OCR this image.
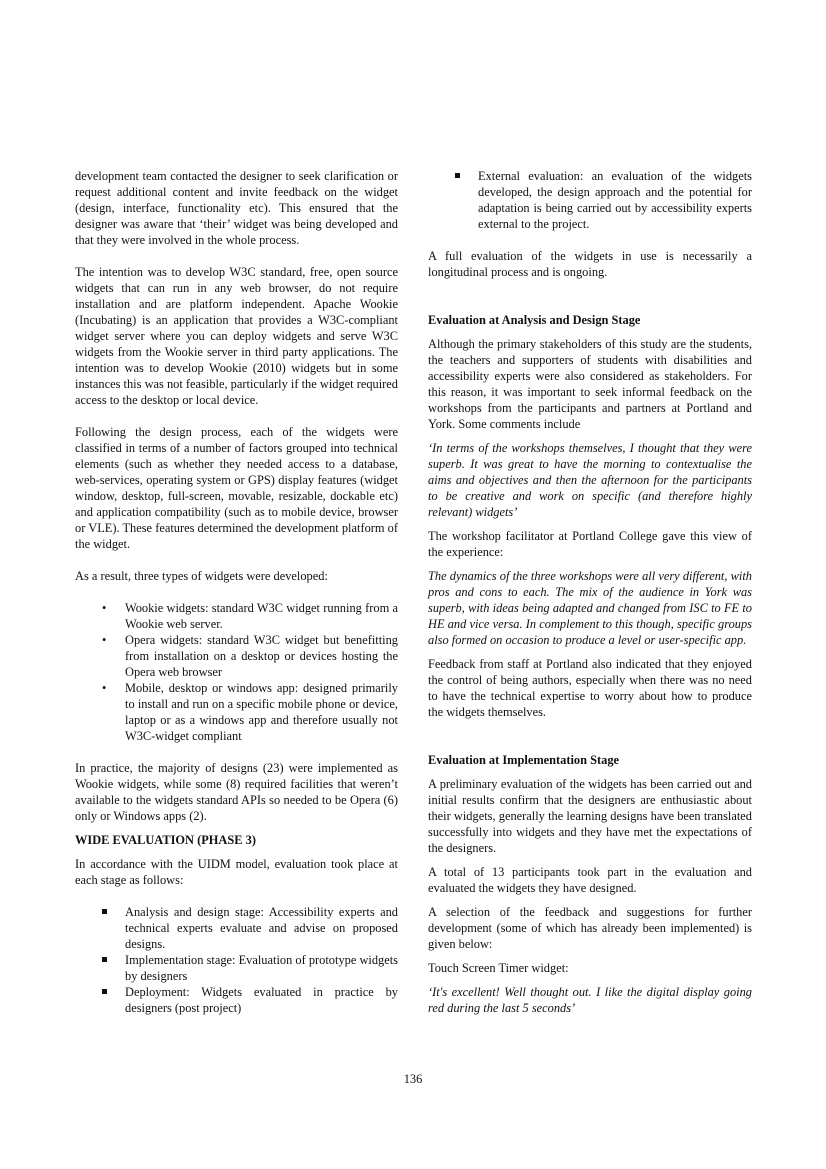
development team contacted the designer to seek clarification or request additional content and invite feedback on the widget (design, interface, functionality etc). This ensured that the designer was aware that ‘their’ widget was being developed and that they were involved in the whole process.

The intention was to develop W3C standard, free, open source widgets that can run in any web browser, do not require installation and are platform independent. Apache Wookie (Incubating) is an application that provides a W3C-compliant widget server where you can deploy widgets and serve W3C widgets from the Wookie server in third party applications. The intention was to develop Wookie (2010) widgets but in some instances this was not feasible, particularly if the widget required access to the desktop or local device.

Following the design process, each of the widgets were classified in terms of a number of factors grouped into technical elements (such as whether they needed access to a database, web-services, operating system or GPS) display features (widget window, desktop, full-screen, movable, resizable, dockable etc) and application compatibility (such as to mobile device, browser or VLE). These features determined the development platform of the widget.

As a result, three types of widgets were developed:

• Wookie widgets: standard W3C widget running from a Wookie web server.
• Opera widgets: standard W3C widget but benefitting from installation on a desktop or devices hosting the Opera web browser
• Mobile, desktop or windows app: designed primarily to install and run on a specific mobile phone or device, laptop or as a windows app and therefore usually not W3C-widget compliant

In practice, the majority of designs (23) were implemented as Wookie widgets, while some (8) required facilities that weren’t available to the widgets standard APIs so needed to be Opera (6) only or Windows apps (2).

WIDE EVALUATION (PHASE 3)

In accordance with the UIDM model, evaluation took place at each stage as follows:

Analysis and design stage: Accessibility experts and technical experts evaluate and advise on proposed designs.
Implementation stage: Evaluation of prototype widgets by designers
Deployment: Widgets evaluated in practice by designers (post project)
External evaluation: an evaluation of the widgets developed, the design approach and the potential for adaptation is being carried out by accessibility experts external to the project.

A full evaluation of the widgets in use is necessarily a longitudinal process and is ongoing.

Evaluation at Analysis and Design Stage

Although the primary stakeholders of this study are the students, the teachers and supporters of students with disabilities and accessibility experts were also considered as stakeholders. For this reason, it was important to seek informal feedback on the workshops from the participants and partners at Portland and York. Some comments include

‘In terms of the workshops themselves, I thought that they were superb. It was great to have the morning to contextualise the aims and objectives and then the afternoon for the participants to be creative and work on specific (and therefore highly relevant) widgets’

The workshop facilitator at Portland College gave this view of the experience:

The dynamics of the three workshops were all very different, with pros and cons to each. The mix of the audience in York was superb, with ideas being adapted and changed from ISC to FE to HE and vice versa. In complement to this though, specific groups also formed on occasion to produce a level or user-specific app.

Feedback from staff at Portland also indicated that they enjoyed the control of being authors, especially when there was no need to have the technical expertise to worry about how to produce the widgets themselves.

Evaluation at Implementation Stage

A preliminary evaluation of the widgets has been carried out and initial results confirm that the designers are enthusiastic about their widgets, generally the learning designs have been translated successfully into widgets and they have met the expectations of the designers.

A total of 13 participants took part in the evaluation and evaluated the widgets they have designed.

A selection of the feedback and suggestions for further development (some of which has already been implemented) is given below:

Touch Screen Timer widget:

‘It's excellent! Well thought out. I like the digital display going red during the last 5 seconds’

136
